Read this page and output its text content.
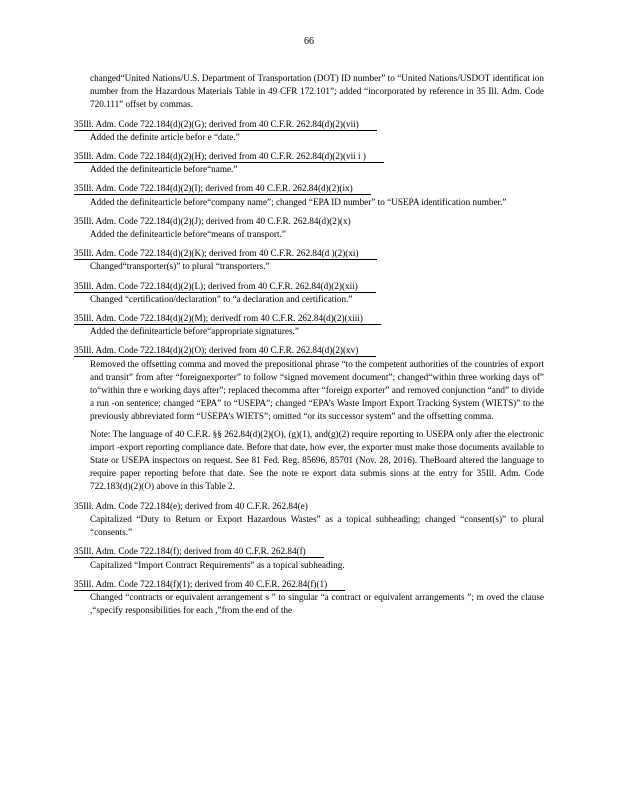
66
changed“United Nations/U.S. Department of Transportation (DOT) ID number” to “United Nations/USDOT identificat ion number from the Hazardous Materials Table in 49 CFR 172.101”; added “incorporated by reference in 35 Ill. Adm. Code 720.111” offset by commas.
35Ill. Adm. Code 722.184(d)(2)(G); derived from 40 C.F.R. 262.84(d)(2)(vii)
Added the definite article befor e “date.”
35Ill. Adm. Code 722.184(d)(2)(H); derived from 40 C.F.R. 262.84(d)(2)(vii i )
Added the definitearticle before“name.”
35Ill. Adm. Code 722.184(d)(2)(I); derived from 40 C.F.R. 262.84(d)(2)(ix)
Added the definitearticle before“company name”; changed “EPA ID number” to “USEPA identification number.”
35Ill. Adm. Code 722.184(d)(2)(J); derived from 40 C.F.R. 262.84(d)(2)(x)
Added the definitearticle before“means of transport.”
35Ill. Adm. Code 722.184(d)(2)(K); derived from 40 C.F.R. 262.84(d )(2)(xi)
Changed“transporter(s)” to plural “transporters.”
35Ill. Adm. Code 722.184(d)(2)(L); derived from 40 C.F.R. 262.84(d)(2)(xii)
Changed “certification/declaration” to “a declaration and certification.”
35Ill. Adm. Code 722.184(d)(2)(M); derivedf rom 40 C.F.R. 262.84(d)(2)(xiii)
Added the definitearticle before“appropriate signatures.”
35Ill. Adm. Code 722.184(d)(2)(O); derived from 40 C.F.R. 262.84(d)(2)(xv)
Removed the offsetting comma and moved the prepositional phrase “to the competent authorities of the countries of export and transit” from after “foreignexporter” to follow “signed movement document”; changed“within three working days of” to“within thre e working days after”; replaced thecomma after “foreign exporter” and removed conjunction “and” to divide a run -on sentence; changed “EPA” to “USEPA”; changed “EPA’s Waste Import Export Tracking System (WIETS)” to the previously abbreviated form “USEPA’s WIETS”; omitted “or its successor system” and the offsetting comma.
Note: The language of 40 C.F.R. §§ 262.84(d)(2)(O), (g)(1), and(g)(2) require reporting to USEPA only after the electronic import -export reporting compliance date. Before that date, how ever, the exporter must make those documents available to State or USEPA inspectors on request. See 81 Fed. Reg. 85696, 85701 (Nov. 28, 2016). TheBoard altered the language to require paper reporting before that date. See the note re export data submis sions at the entry for 35Ill. Adm. Code 722.183(d)(2)(O) above in this Table 2.
35Ill. Adm. Code 722.184(e); derived from 40 C.F.R. 262.84(e)
Capitalized “Duty to Return or Export Hazardous Wastes” as a topical subheading; changed “consent(s)” to plural “consents.”
35Ill. Adm. Code 722.184(f); derived from 40 C.F.R. 262.84(f)
Capitalized “Import Contract Requirements” as a topical subheading.
35Ill. Adm. Code 722.184(f)(1); derived from 40 C.F.R. 262.84(f)(1)
Changed “contracts or equivalent arrangement s ” to singular “a contract or equivalent arrangements ”; m oved the clause ,“specify responsibilities for each ,”from the end of the
